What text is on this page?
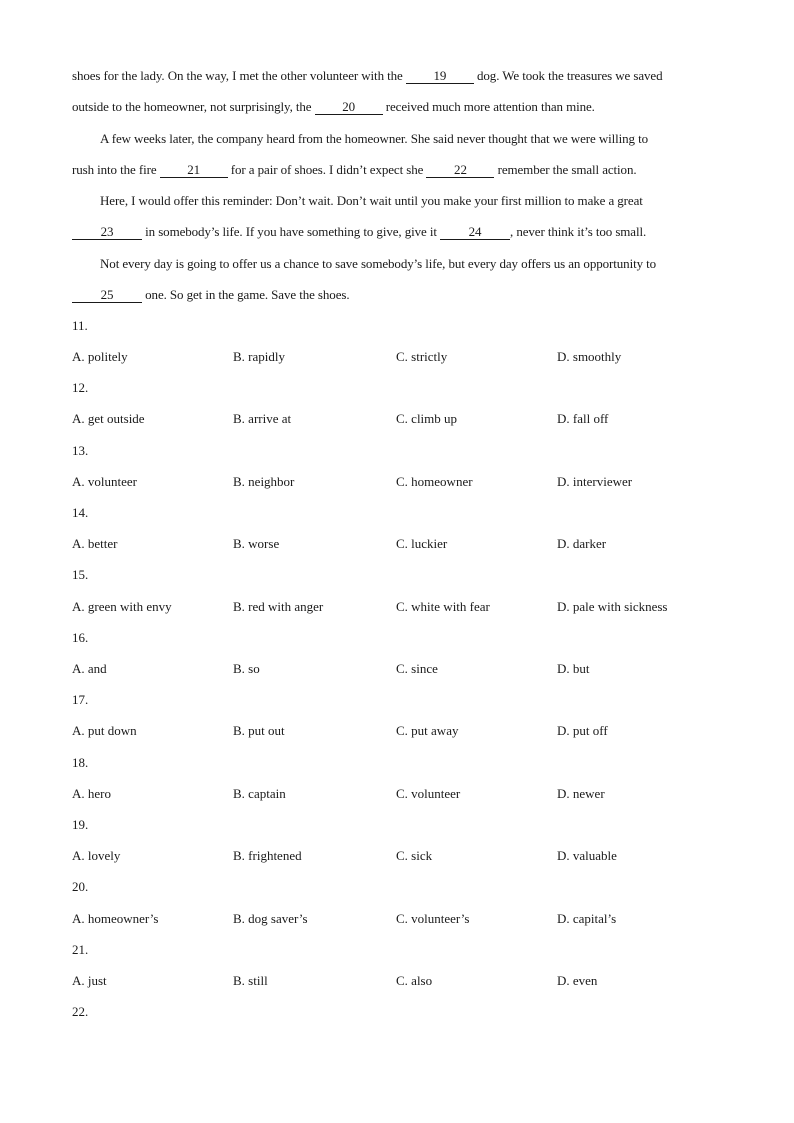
shoes for the lady. On the way, I met the other volunteer with the 19 dog. We took the treasures we saved
outside to the homeowner, not surprisingly, the 20 received much more attention than mine.
A few weeks later, the company heard from the homeowner. She said never thought that we were willing to
rush into the fire 21 for a pair of shoes. I didn’t expect she 22 remember the small action.
Here, I would offer this reminder: Don’t wait. Don’t wait until you make your first million to make a great
23 in somebody’s life. If you have something to give, give it 24 , never think it’s too small.
Not every day is going to offer us a chance to save somebody’s life, but every day offers us an opportunity to
25 one. So get in the game. Save the shoes.
11.
A. politely	B. rapidly	C. strictly	D. smoothly
12.
A. get outside	B. arrive at	C. climb up	D. fall off
13.
A. volunteer	B. neighbor	C. homeowner	D. interviewer
14.
A. better	B. worse	C. luckier	D. darker
15.
A. green with envy	B. red with anger	C. white with fear	D. pale with sickness
16.
A. and	B. so	C. since	D. but
17.
A. put down	B. put out	C. put away	D. put off
18.
A. hero	B. captain	C. volunteer	D. newer
19.
A. lovely	B. frightened	C. sick	D. valuable
20.
A. homeowner’s	B. dog saver’s	C. volunteer’s	D. capital’s
21.
A. just	B. still	C. also	D. even
22.
